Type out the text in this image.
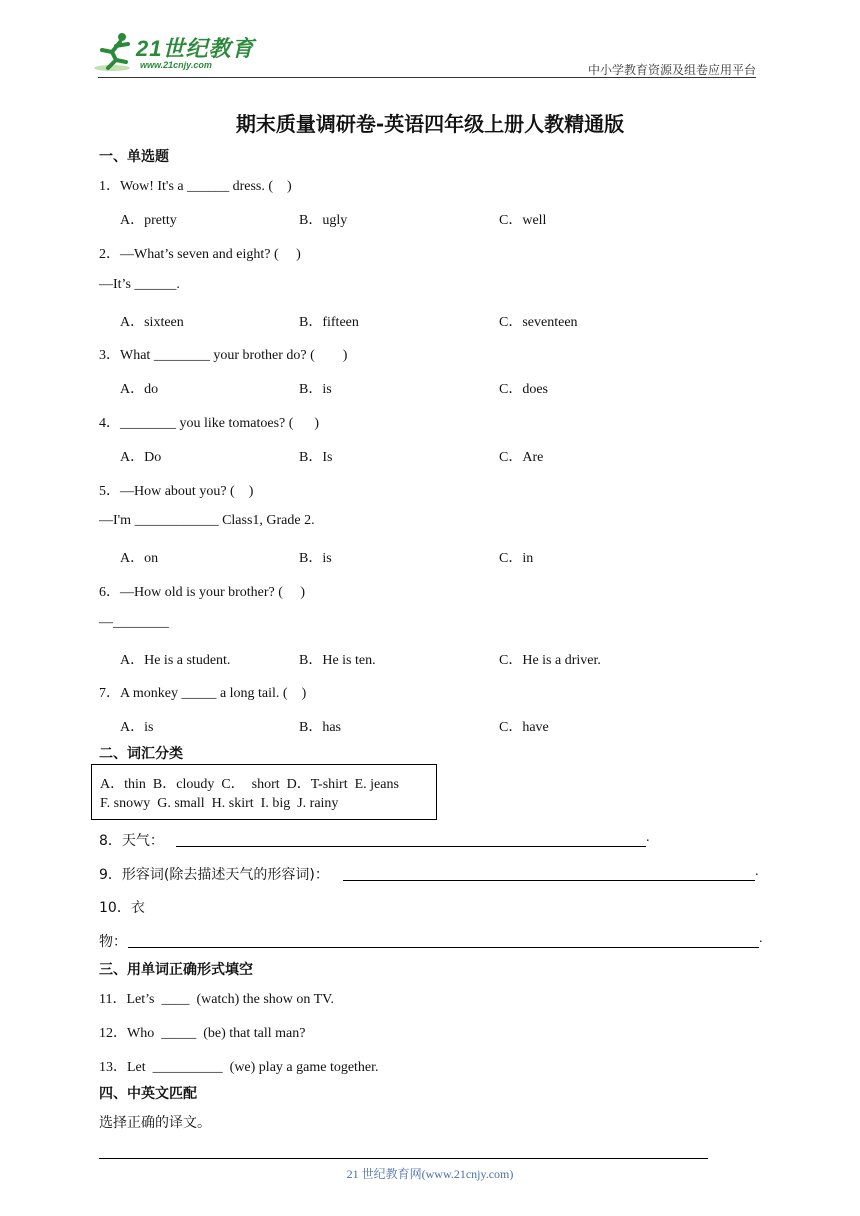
21世纪教育
www.21cnjy.com	中小学教育资源及组卷应用平台
期末质量调研卷-英语四年级上册人教精通版
一、单选题
1．Wow! It's a ______ dress. (    )
A．pretty	B．ugly	C．well
2．—What’s seven and eight? (     )
—It’s ______.
A．sixteen	B．fifteen	C．seventeen
3．What ________ your brother do? (        )
A．do	B．is	C．does
4．________ you like tomatoes? (      )
A．Do	B．Is	C．Are
5．—How about you? (    )
—I'm ____________ Class1, Grade 2.
A．on	B．is	C．in
6．—How old is your brother? (     )
—________
A．He is a student.	B．He is ten.	C．He is a driver.
7．A monkey _____ a long tail. (    )
A．is	B．has	C．have
二、词汇分类
A．thin  B．cloudy  C．  short  D．T-shirt  E. jeans
F. snowy  G. small  H. skirt  I. big  J. rainy
8．天气：	.
9．形容词(除去描述天气的形容词)：	.
10．衣
物：	.
三、用单词正确形式填空
11．Let’s  ____  (watch) the show on TV.
12．Who  _____  (be) that tall man?
13．Let  __________  (we) play a game together.
四、中英文匹配
选择正确的译文。
21 世纪教育网(www.21cnjy.com)
